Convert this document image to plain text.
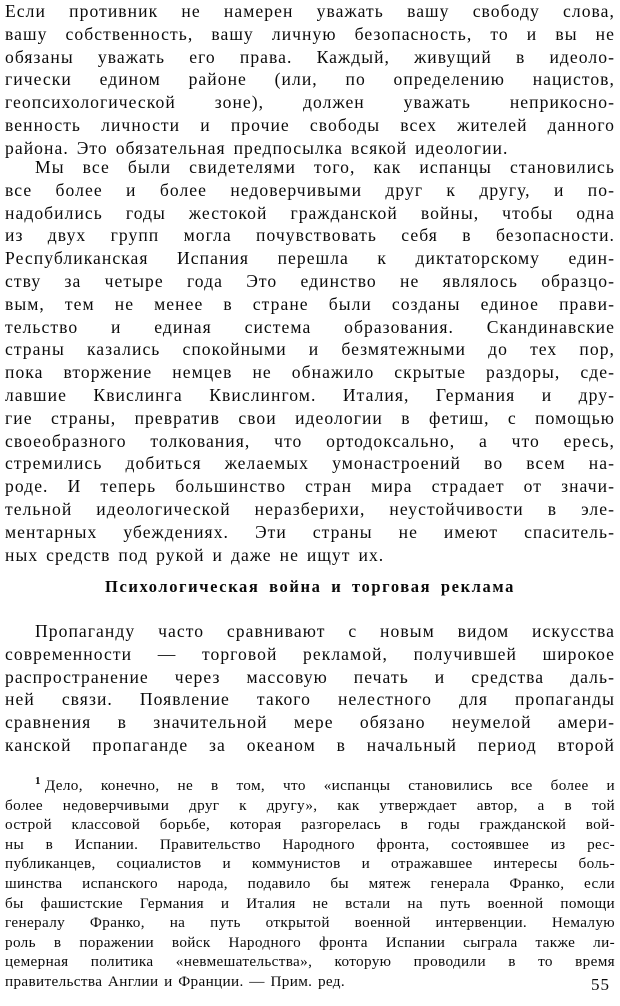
Если противник не намерен уважать вашу свободу слова,
вашу собственность, вашу личную безопасность, то и вы не
обязаны уважать его права. Каждый, живущий в идеоло-
гически едином районе (или, по определению нацистов,
геопсихологической зоне), должен уважать неприкосно-
венность личности и прочие свободы всех жителей данного
района. Это обязательная предпосылка всякой идеологии.
Мы все были свидетелями того, как испанцы становились
все более и более недоверчивыми друг к другу, и по-
надобились годы жестокой гражданской войны, чтобы одна
из двух групп могла почувствовать себя в безопасности.
Республиканская Испания перешла к диктаторскому един-
ству за четыре года Это единство не являлось образцо-
вым, тем не менее в стране были созданы единое прави-
тельство и единая система образования. Скандинавские
страны казались спокойными и безмятежными до тех пор,
пока вторжение немцев не обнажило скрытые раздоры, сде-
лавшие Квислинга Квислингом. Италия, Германия и дру-
гие страны, превратив свои идеологии в фетиш, с помощью
своеобразного толкования, что ортодоксально, а что ересь,
стремились добиться желаемых умонастроений во всем на-
роде. И теперь большинство стран мира страдает от значи-
тельной идеологической неразберихи, неустойчивости в эле-
ментарных убеждениях. Эти страны не имеют спаситель-
ных средств под рукой и даже не ищут их.
Психологическая война и торговая реклама
Пропаганду часто сравнивают с новым видом искусства
современности — торговой рекламой, получившей широкое
распространение через массовую печать и средства даль-
ней связи. Появление такого нелестного для пропаганды
сравнения в значительной мере обязано неумелой амери-
канской пропаганде за океаном в начальный период второй
$^1$ Дело, конечно, не в том, что «испанцы становились все более и
более недоверчивыми друг к другу», как утверждает автор, а в той
острой классовой борьбе, которая разгорелась в годы гражданской вой-
ны в Испании. Правительство Народного фронта, состоявшее из рес-
публиканцев, социалистов и коммунистов и отражавшее интересы боль-
шинства испанского народа, подавило бы мятеж генерала Франко, если
бы фашистские Германия и Италия не встали на путь военной помощи
генералу Франко, на путь открытой военной интервенции. Немалую
роль в поражении войск Народного фронта Испании сыграла также ли-
цемерная политика «невмешательства», которую проводили в то время
правительства Англии и Франции. — Прим. ред.	55
